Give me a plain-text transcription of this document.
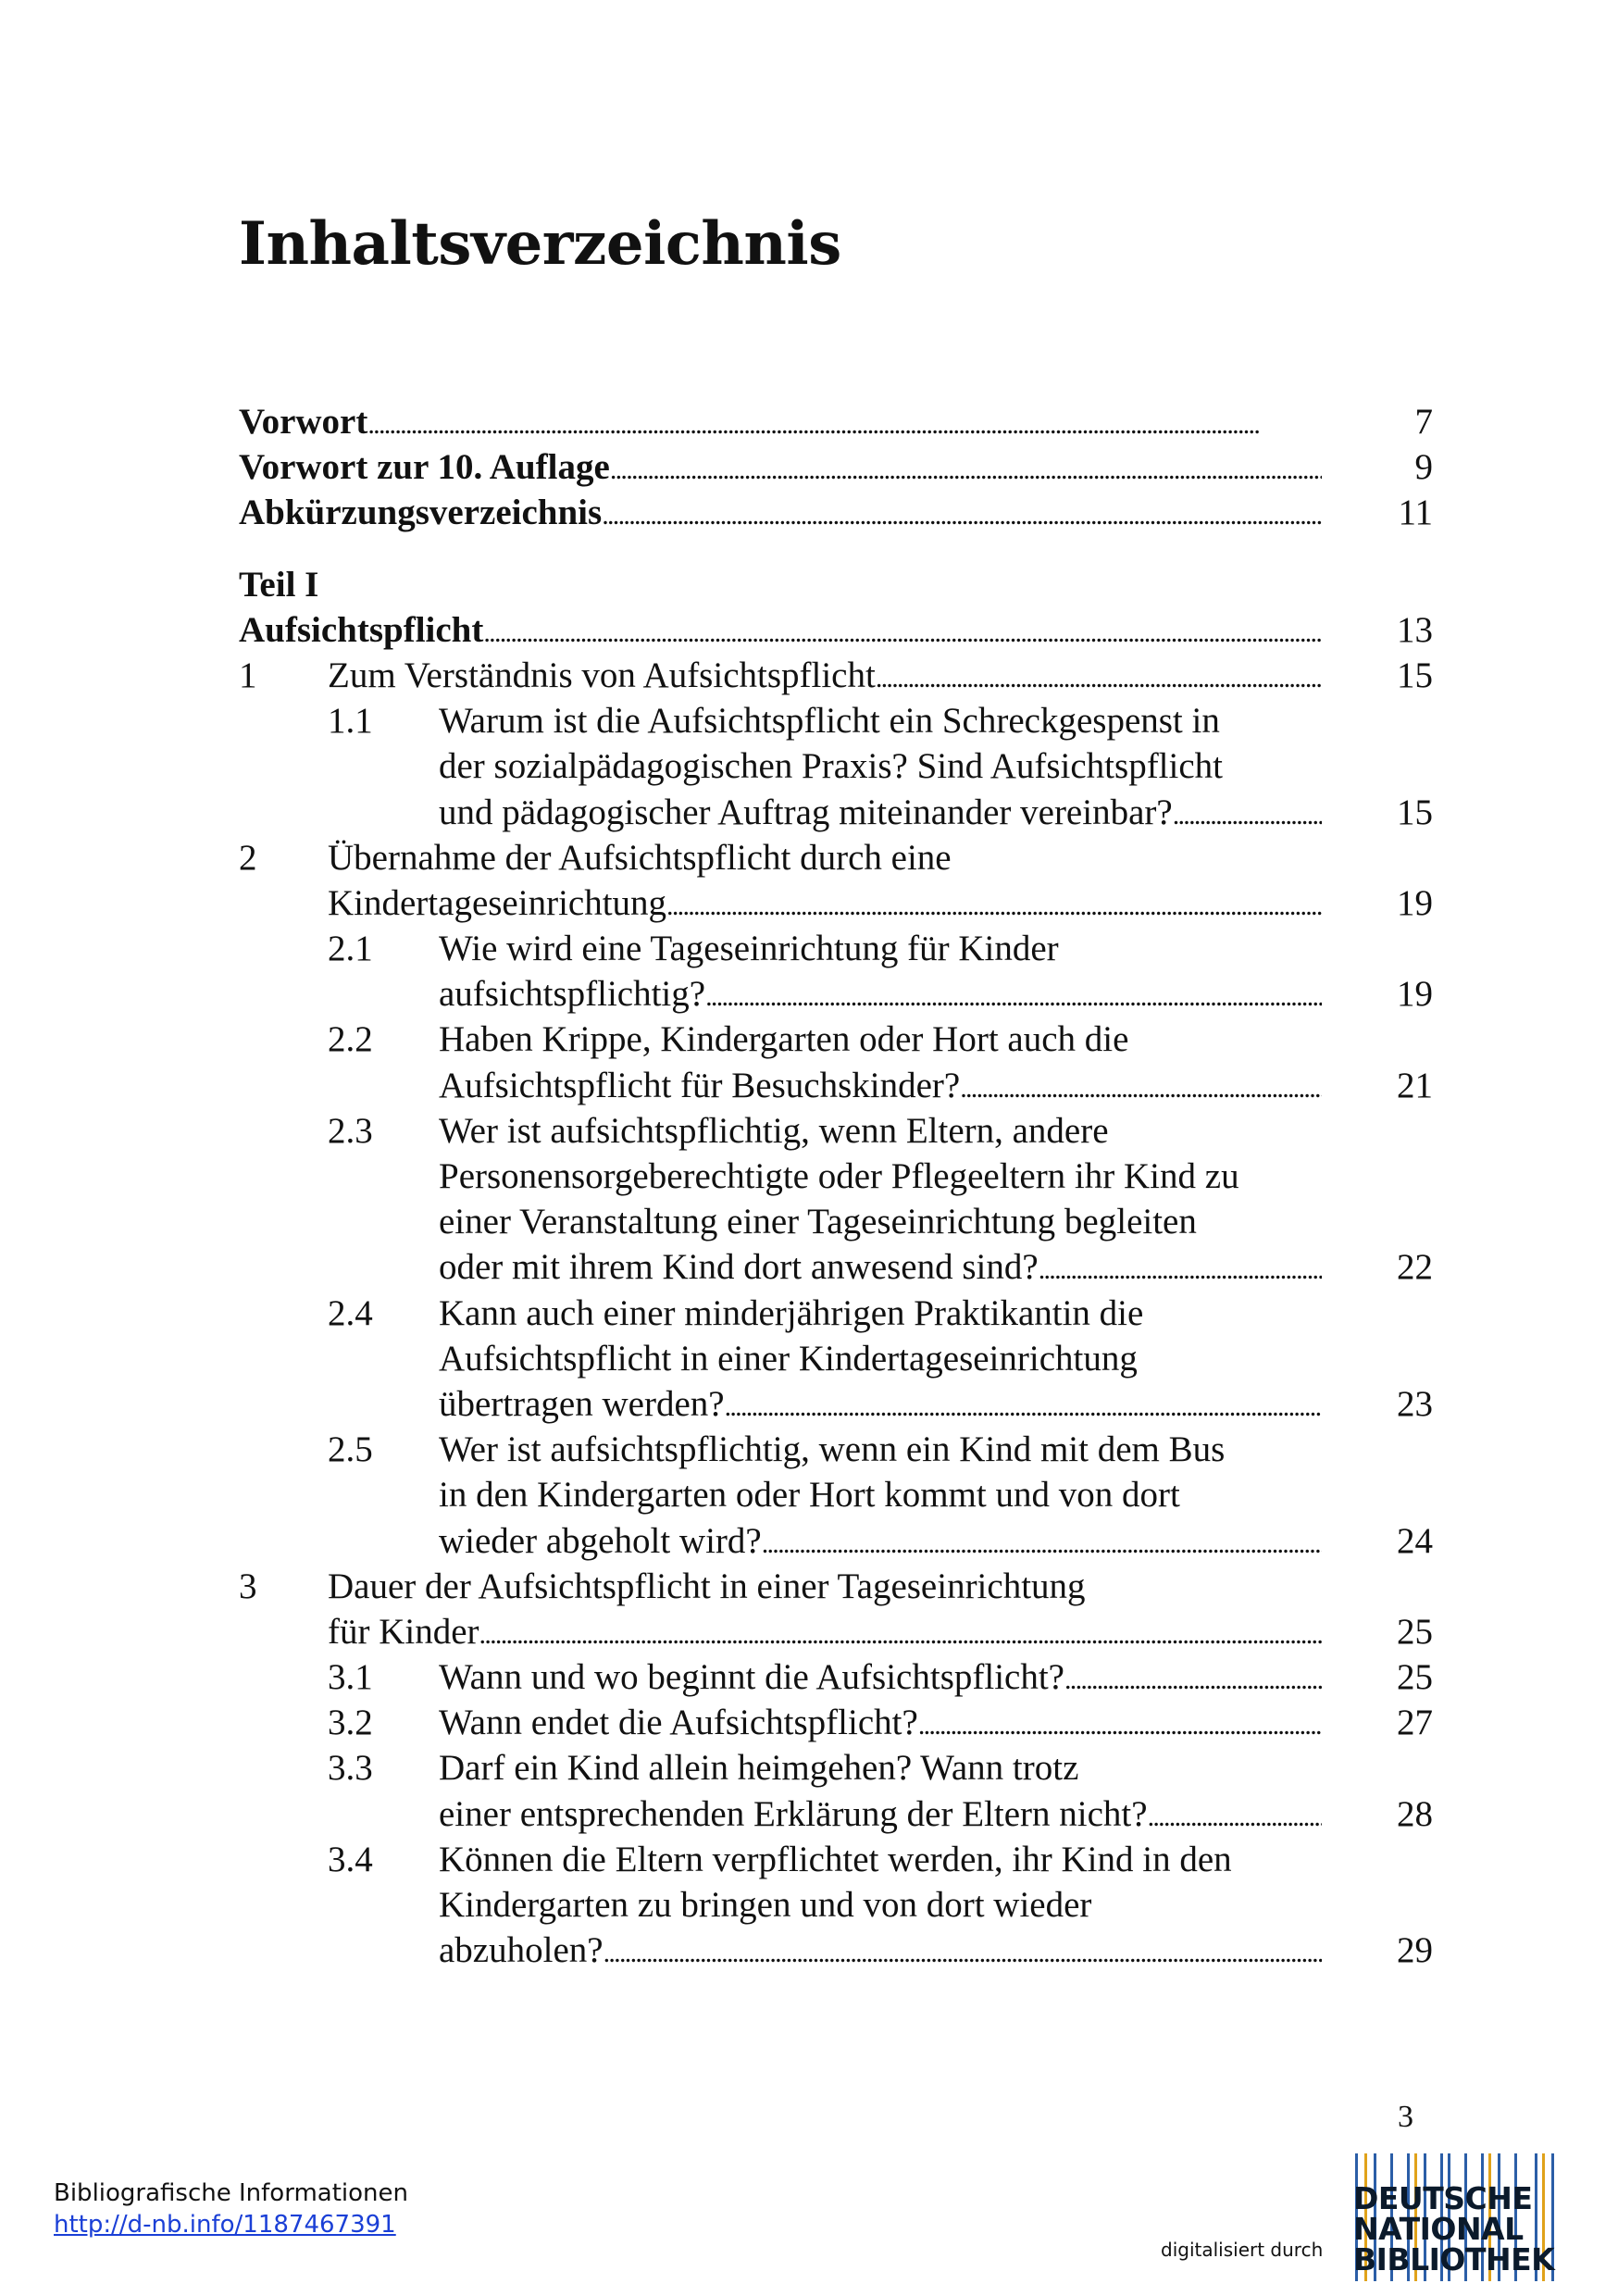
Inhaltsverzeichnis
Vorwort . . .	7
Vorwort zur 10. Auflage . . .	9
Abkürzungsverzeichnis . . .	11
Teil I
Aufsichtspflicht . . .	13
1 Zum Verständnis von Aufsichtspflicht . . .	15
1.1 Warum ist die Aufsichtspflicht ein Schreckgespenst in
der sozialpädagogischen Praxis? Sind Aufsichtspflicht
und pädagogischer Auftrag miteinander vereinbar? . . .	15
2 Übernahme der Aufsichtspflicht durch eine
Kindertageseinrichtung . . .	19
2.1 Wie wird eine Tageseinrichtung für Kinder
aufsichtspflichtig? . . .	19
2.2 Haben Krippe, Kindergarten oder Hort auch die
Aufsichtspflicht für Besuchskinder? . . .	21
2.3 Wer ist aufsichtspflichtig, wenn Eltern, andere
Personensorgeberechtigte oder Pflegeeltern ihr Kind zu
einer Veranstaltung einer Tageseinrichtung begleiten
oder mit ihrem Kind dort anwesend sind? . . .	22
2.4 Kann auch einer minderjährigen Praktikantin die
Aufsichtspflicht in einer Kindertageseinrichtung
übertragen werden? . . .	23
2.5 Wer ist aufsichtspflichtig, wenn ein Kind mit dem Bus
in den Kindergarten oder Hort kommt und von dort
wieder abgeholt wird? . . .	24
3 Dauer der Aufsichtspflicht in einer Tageseinrichtung
für Kinder . . .	25
3.1 Wann und wo beginnt die Aufsichtspflicht? . . .	25
3.2 Wann endet die Aufsichtspflicht? . . .	27
3.3 Darf ein Kind allein heimgehen? Wann trotz
einer entsprechenden Erklärung der Eltern nicht? . . .	28
3.4 Können die Eltern verpflichtet werden, ihr Kind in den
Kindergarten zu bringen und von dort wieder
abzuholen? . . .	29
3
Bibliografische Informationen
http://d-nb.info/1187467391
digitalisiert durch
DEUTSCHE
NATIONAL
BIBLIOTHEK
